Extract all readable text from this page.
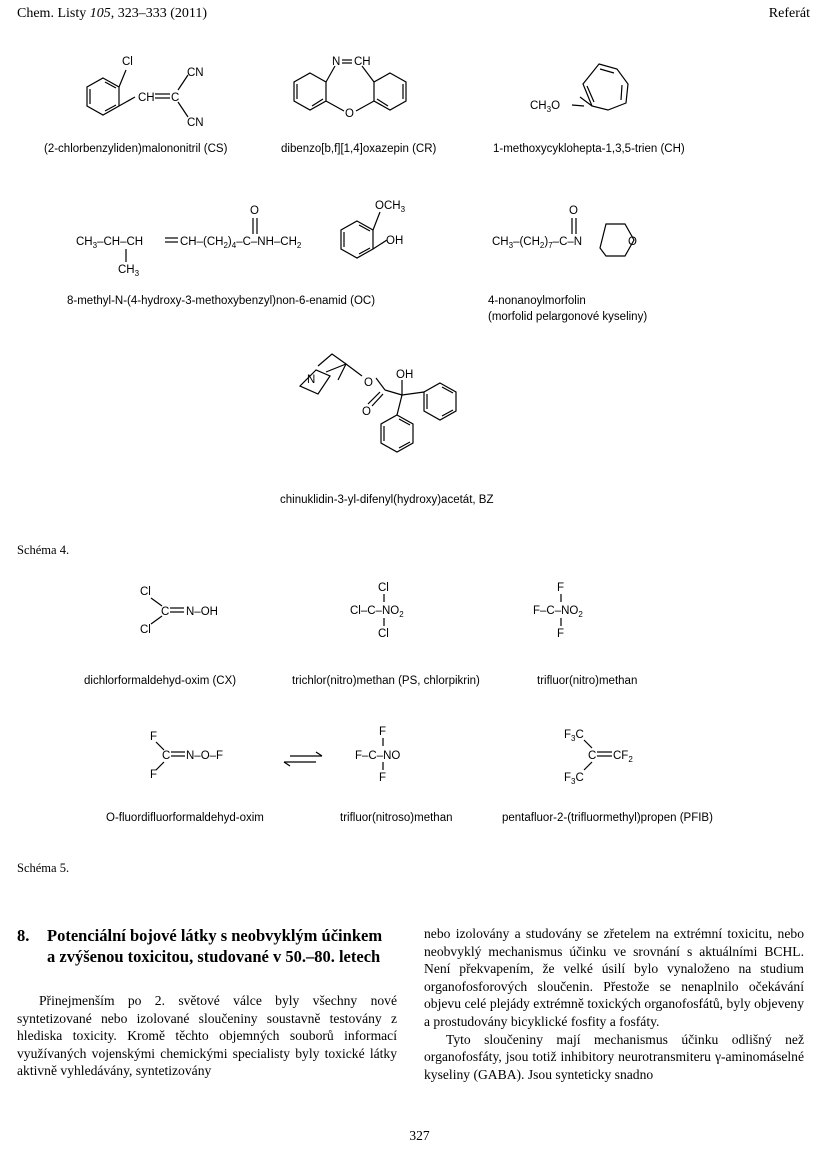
Chem. Listy 105, 323–333 (2011)	Referát
Cl
CH C
CN
CN
N CH
O
$CH_3O$
$CH_3-CH-CH$	$CH-(CH_2)_4-C-NH-CH_2$
$CH_3$
O	$OCH_3$
OH	$CH_3-(CH_2)_7-C-N$
O
O
N	O
O
OH
Cl
C N–OH
Cl
Cl
$Cl-C-NO_2$
Cl
F
$F-C-NO_2$
F
F
C N–O–F
F
F
F–C–NO
F
$F_3C$
C $CF_2$
$F_3C$
(2-chlorbenzyliden)malononitril (CS)	dibenzo[b,f][1,4]oxazepin (CR)	1-methoxycyklohepta-1,3,5-trien (CH)
8-methyl-N-(4-hydroxy-3-methoxybenzyl)non-6-enamid (OC)	4-nonanoylmorfolin
(morfolid pelargonové kyseliny)
chinuklidin-3-yl-difenyl(hydroxy)acetát, BZ
Schéma 4.
dichlorformaldehyd-oxim (CX)	trichlor(nitro)methan (PS, chlorpikrin)	trifluor(nitro)methan
O-fluordifluorformaldehyd-oxim	trifluor(nitroso)methan	pentafluor-2-(trifluormethyl)propen (PFIB)
Schéma 5.
8. Potenciální bojové látky s neobvyklým účinkem a zvýšenou toxicitou, studované v 50.–80. letech

Přinejmenším po 2. světové válce byly všechny nové syntetizované nebo izolované sloučeniny soustavně testovány z hlediska toxicity. Kromě těchto objemných souborů informací využívaných vojenskými chemickými specialisty byly toxické látky aktivně vyhledávány, syntetizovány

nebo izolovány a studovány se zřetelem na extrémní toxicitu, nebo neobvyklý mechanismus účinku ve srovnání s aktuálními BCHL. Není překvapením, že velké úsilí bylo vynaloženo na studium organofosforových sloučenin. Přestože se nenaplnilo očekávání objevu celé plejády extrémně toxických organofosfátů, byly objeveny a prostudovány bicyklické fosfity a fosfáty.

Tyto sloučeniny mají mechanismus účinku odlišný než organofosfáty, jsou totiž inhibitory neurotransmiteru γ-aminomáselné kyseliny (GABA). Jsou synteticky snadno

327
